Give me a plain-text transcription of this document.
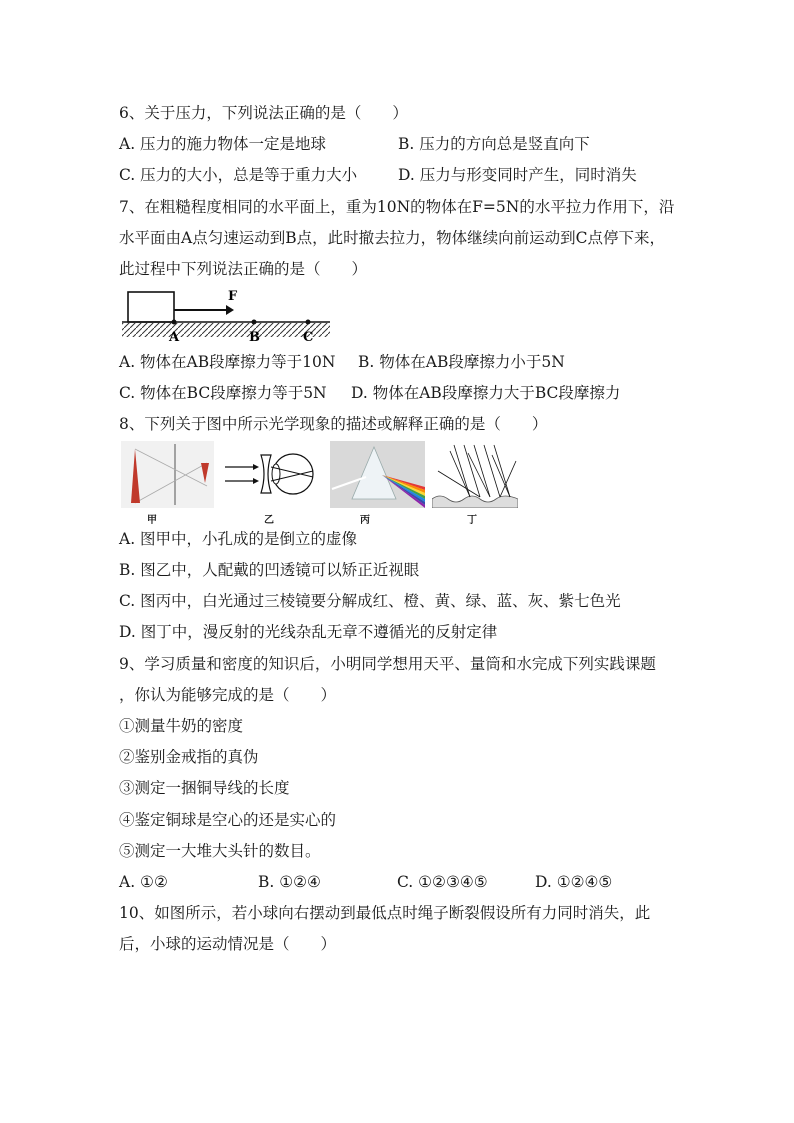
6、关于压力，下列说法正确的是（　　）
A. 压力的施力物体一定是地球	B. 压力的方向总是竖直向下
C. 压力的大小，总是等于重力大小	D. 压力与形变同时产生，同时消失
7、在粗糙程度相同的水平面上，重为10N的物体在F=5N的水平拉力作用下，沿
水平面由A点匀速运动到B点，此时撤去拉力，物体继续向前运动到C点停下来，
此过程中下列说法正确的是（　　）
F
A	B	C
A. 物体在AB段摩擦力等于10N B. 物体在AB段摩擦力小于5N
C. 物体在BC段摩擦力等于5N D. 物体在AB段摩擦力大于BC段摩擦力
8、下列关于图中所示光学现象的描述或解释正确的是（　　）
甲	乙	丙	丁
A. 图甲中，小孔成的是倒立的虚像
B. 图乙中，人配戴的凹透镜可以矫正近视眼
C. 图丙中，白光通过三棱镜要分解成红、橙、黄、绿、蓝、灰、紫七色光
D. 图丁中，漫反射的光线杂乱无章不遵循光的反射定律
9、学习质量和密度的知识后，小明同学想用天平、量筒和水完成下列实践课题
，你认为能够完成的是（　　）
①测量牛奶的密度
②鉴别金戒指的真伪
③测定一捆铜导线的长度
④鉴定铜球是空心的还是实心的
⑤测定一大堆大头针的数目。
A. ①②	B. ①②④	C. ①②③④⑤	D. ①②④⑤
10、如图所示，若小球向右摆动到最低点时绳子断裂假设所有力同时消失，此
后，小球的运动情况是（　　）
